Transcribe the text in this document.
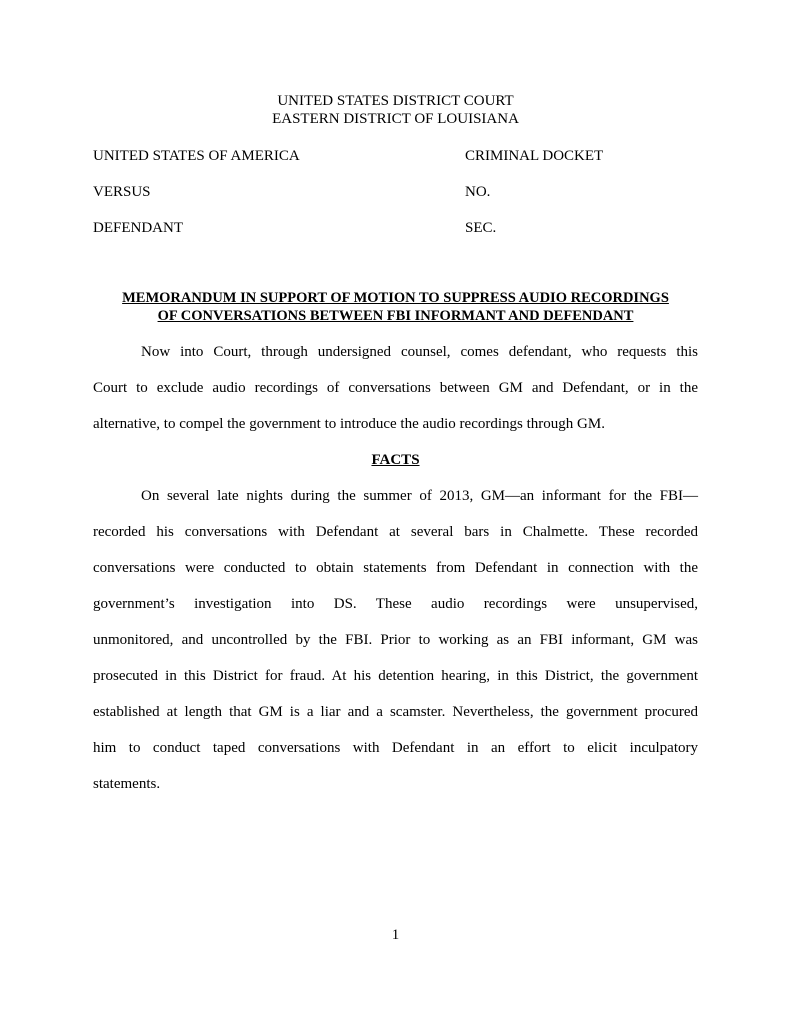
UNITED STATES DISTRICT COURT
EASTERN DISTRICT OF LOUISIANA
UNITED STATES OF AMERICA	CRIMINAL DOCKET
VERSUS	NO.
DEFENDANT	SEC.
MEMORANDUM IN SUPPORT OF MOTION TO SUPPRESS AUDIO RECORDINGS
OF CONVERSATIONS BETWEEN FBI INFORMANT AND DEFENDANT
Now into Court, through undersigned counsel, comes defendant, who requests this
Court to exclude audio recordings of conversations between GM and Defendant, or in the
alternative, to compel the government to introduce the audio recordings through GM.
FACTS
On several late nights during the summer of 2013, GM—an informant for the FBI—
recorded his conversations with Defendant at several bars in Chalmette. These recorded
conversations were conducted to obtain statements from Defendant in connection with the
government’s investigation into DS. These audio recordings were unsupervised,
unmonitored, and uncontrolled by the FBI. Prior to working as an FBI informant, GM was
prosecuted in this District for fraud. At his detention hearing, in this District, the government
established at length that GM is a liar and a scamster. Nevertheless, the government procured
him to conduct taped conversations with Defendant in an effort to elicit inculpatory
statements.
1
